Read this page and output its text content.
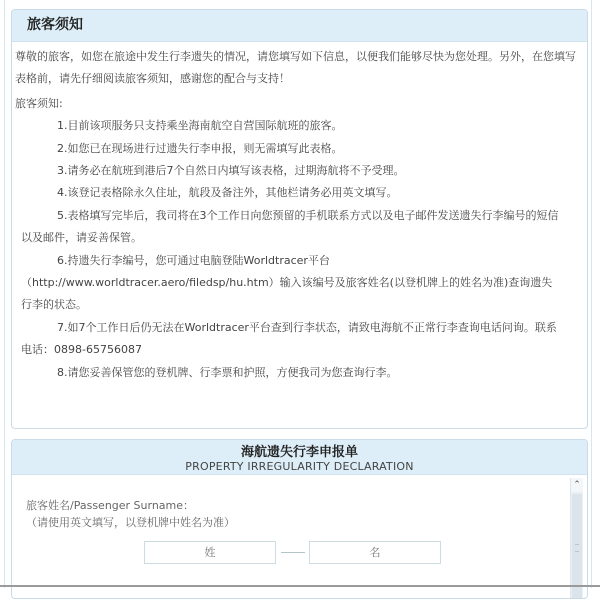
旅客须知

尊敬的旅客，如您在旅途中发生行李遗失的情况，请您填写如下信息，以便我们能够尽快为您处理。另外，在您填写

表格前，请先仔细阅读旅客须知，感谢您的配合与支持！

旅客须知:

1.目前该项服务只支持乘坐海南航空自营国际航班的旅客。

2.如您已在现场进行过遗失行李申报，则无需填写此表格。

3.请务必在航班到港后7个自然日内填写该表格，过期海航将不予受理。

4.该登记表格除永久住址，航段及备注外，其他栏请务必用英文填写。

5.表格填写完毕后，我司将在3个工作日向您预留的手机联系方式以及电子邮件发送遗失行李编号的短信

以及邮件，请妥善保管。

6.持遗失行李编号，您可通过电脑登陆Worldtracer平台

（http://www.worldtracer.aero/filedsp/hu.htm）输入该编号及旅客姓名(以登机牌上的姓名为准)查询遗失

行李的状态。

7.如7个工作日后仍无法在Worldtracer平台查到行李状态，请致电海航不正常行李查询电话问询。联系

电话：0898-65756087

8.请您妥善保管您的登机牌、行李票和护照，方便我司为您查询行李。

海航遗失行李申报单
PROPERTY IRREGULARITY DECLARATION
旅客姓名/Passenger Surname：
（请使用英文填写，以登机牌中姓名为准）
姓
名
⌃
